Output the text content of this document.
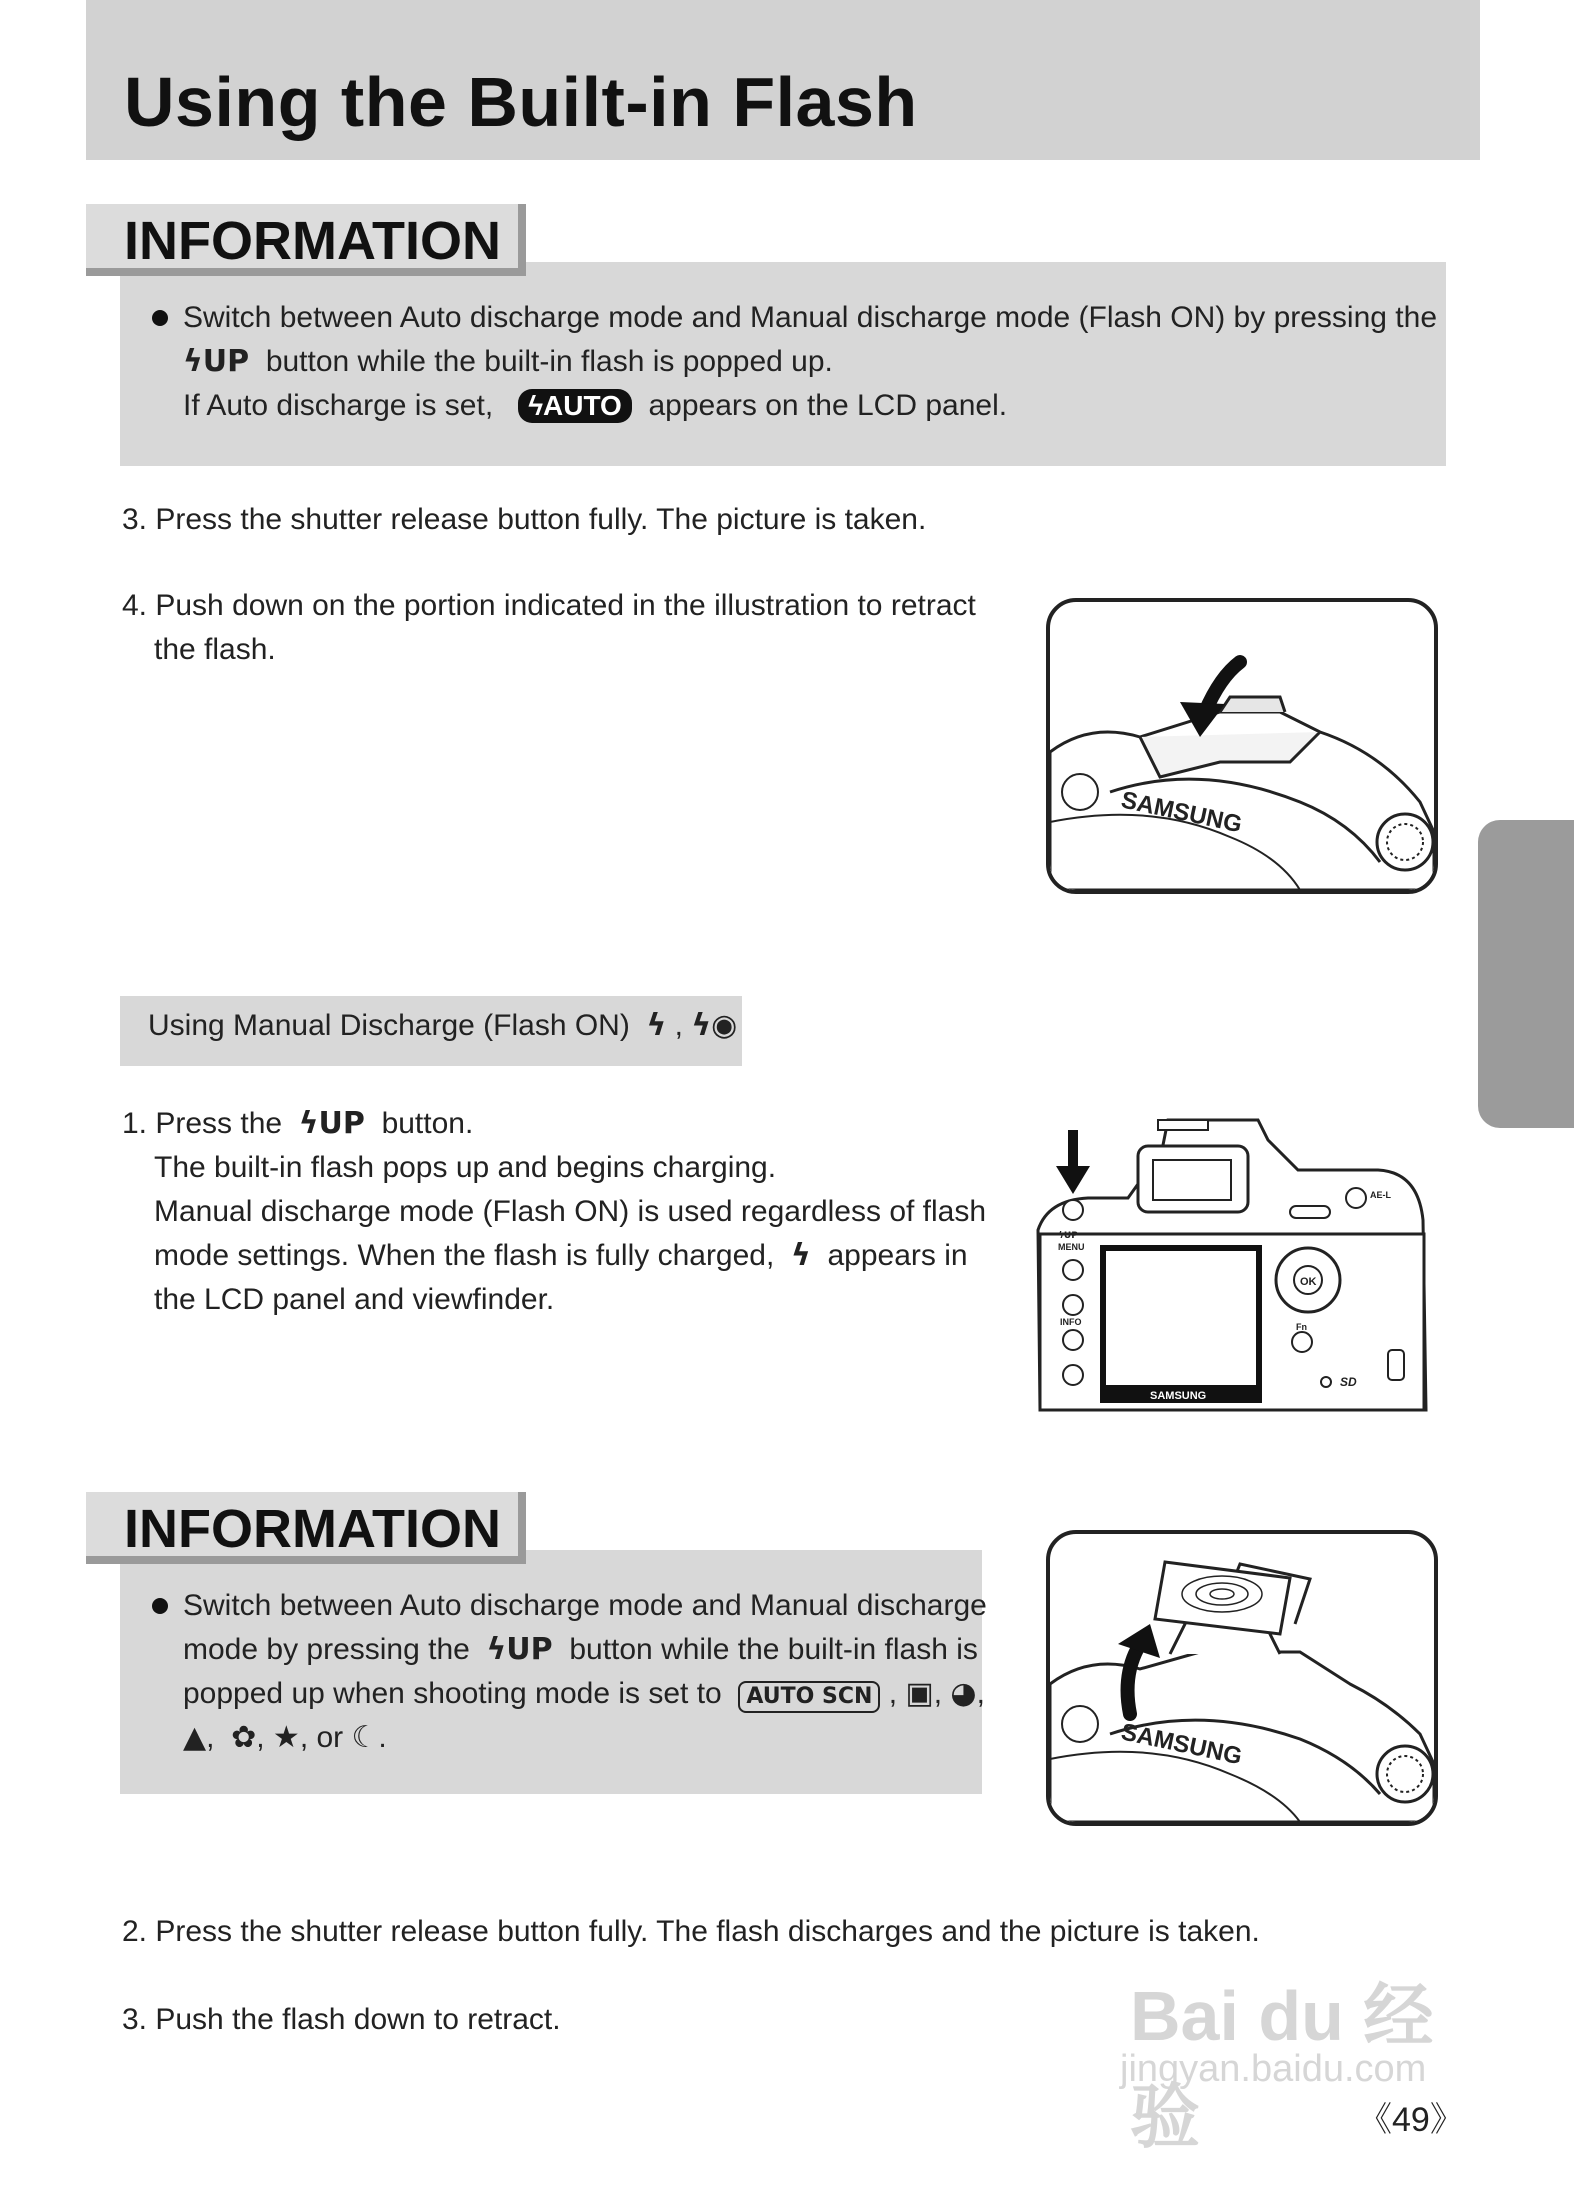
Using the Built-in Flash
INFORMATION
Switch between Auto discharge mode and Manual discharge mode (Flash ON) by pressing the
ϟUP button while the built-in flash is popped up.
If Auto discharge is set, ϟAUTO appears on the LCD panel.
3. Press the shutter release button fully. The picture is taken.
4. Push down on the portion indicated in the illustration to retract
the flash.
SAMSUNG
Using Manual Discharge (Flash ON) ϟ , ϟ◉
1. Press the ϟUP button.
The built-in flash pops up and begins charging.
Manual discharge mode (Flash ON) is used regardless of flash
mode settings. When the flash is fully charged, ϟ appears in
the LCD panel and viewfinder.
SAMSUNG
MENU
INFO
OK
Fn
AE-L
ϟUP
SD
INFORMATION
Switch between Auto discharge mode and Manual discharge
mode by pressing the ϟUP button while the built-in flash is
popped up when shooting mode is set to AUTO SCN , ▣, ◕,
▲,  ✿, ★, or ☾.	SAMSUNG
2. Press the shutter release button fully. The flash discharges and the picture is taken.
3. Push the flash down to retract.	Bai du 经验
jingyan.baidu.com
《49》
